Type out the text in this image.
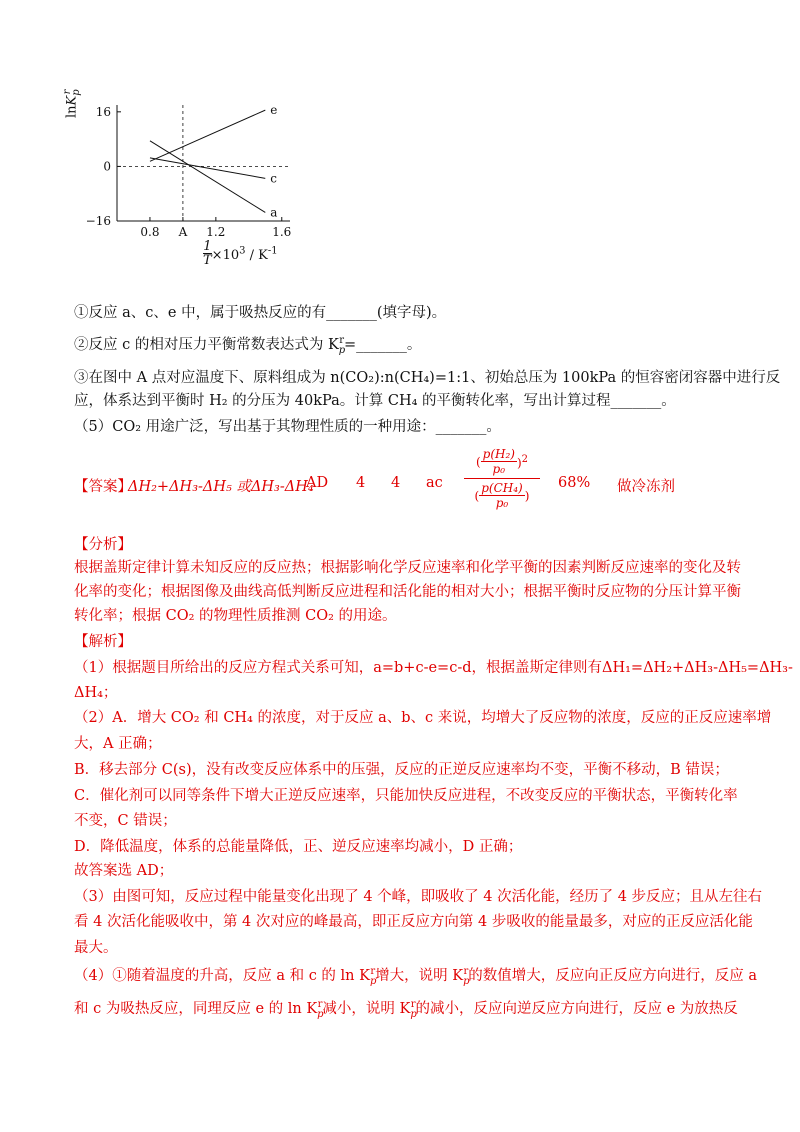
16
0
−16
0.8 A 1.2	1.6
e
c
a
$\frac{1}{T} \times 10^3 / K^{-1}$
lnK$_p^r$
①反应 a、c、e 中，属于吸热反应的有_______(填字母)。
②反应 c 的相对压力平衡常数表达式为 $K_p^r=\_\_\_\_\_\_\_$。
③在图中 A 点对应温度下、原料组成为 n(CO₂):n(CH₄)=1:1、初始总压为 100kPa 的恒容密闭容器中进行反
应，体系达到平衡时 H₂ 的分压为 40kPa。计算 CH₄ 的平衡转化率，写出计算过程_______。
（5）CO₂ 用途广泛，写出基于其物理性质的一种用途：_______。
【答案】
ΔH₂+ΔH₃-ΔH₅ 或ΔH₃-ΔH₄
AD 4 4 ac
( $\frac{\text{p(H₂)}}{\text{p₀}} )^2$
( $\frac{\text{p(CH₄)}}{\text{p₀}}$ )
68% 做冷冻剂
【分析】
根据盖斯定律计算未知反应的反应热；根据影响化学反应速率和化学平衡的因素判断反应速率的变化及转
化率的变化；根据图像及曲线高低判断反应进程和活化能的相对大小；根据平衡时反应物的分压计算平衡
转化率；根据 CO₂ 的物理性质推测 CO₂ 的用途。
【解析】
（1）根据题目所给出的反应方程式关系可知，a=b+c-e=c-d，根据盖斯定律则有ΔH₁=ΔH₂+ΔH₃-ΔH₅=ΔH₃-
ΔH₄；
（2）A．增大 CO₂ 和 CH₄ 的浓度，对于反应 a、b、c 来说，均增大了反应物的浓度，反应的正反应速率增
大，A 正确；
B．移去部分 C(s)，没有改变反应体系中的压强，反应的正逆反应速率均不变，平衡不移动，B 错误；
C．催化剂可以同等条件下增大正逆反应速率，只能加快反应进程，不改变反应的平衡状态，平衡转化率
不变，C 错误；
D．降低温度，体系的总能量降低，正、逆反应速率均减小，D 正确；
故答案选 AD；
（3）由图可知，反应过程中能量变化出现了 4 个峰，即吸收了 4 次活化能，经历了 4 步反应；且从左往右
看 4 次活化能吸收中，第 4 次对应的峰最高，即正反应方向第 4 步吸收的能量最多，对应的正反应活化能
最大。
（4）①随着温度的升高，反应 a 和 c 的 $\ln K_p^r$增大，说明 $K_p^r$的数值增大，反应向正反应方向进行，反应 a
和 c 为吸热反应，同理反应 e 的 $\ln K_p^r$减小，说明 $K_p^r$的减小，反应向逆反应方向进行，反应 e 为放热反
